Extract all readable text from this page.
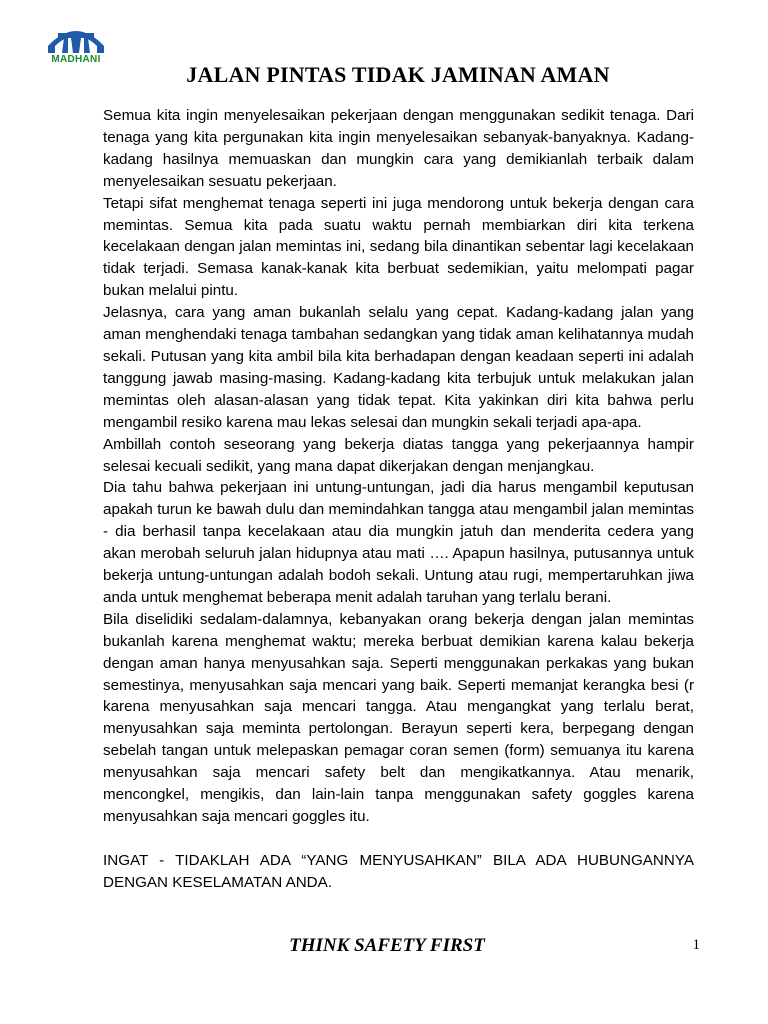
MADHANI
JALAN PINTAS TIDAK JAMINAN AMAN

Semua kita ingin menyelesaikan pekerjaan dengan menggunakan sedikit tenaga. Dari tenaga yang kita pergunakan kita ingin menyelesaikan sebanyak-banyaknya. Kadang-kadang hasilnya memuaskan dan mungkin cara yang demikianlah terbaik dalam menyelesaikan sesuatu pekerjaan.

Tetapi sifat menghemat tenaga seperti ini juga mendorong untuk bekerja dengan cara memintas. Semua kita pada suatu waktu pernah membiarkan diri kita terkena kecelakaan dengan jalan memintas ini, sedang bila dinantikan sebentar lagi kecelakaan tidak terjadi. Semasa kanak-kanak kita berbuat sedemikian, yaitu melompati pagar bukan melalui pintu.

Jelasnya, cara yang aman bukanlah selalu yang cepat. Kadang-kadang jalan yang aman menghendaki tenaga tambahan sedangkan yang tidak aman kelihatannya mudah sekali. Putusan yang kita ambil bila kita berhadapan dengan keadaan seperti ini adalah tanggung jawab masing-masing. Kadang-kadang kita terbujuk untuk melakukan jalan memintas oleh alasan-alasan yang tidak tepat. Kita yakinkan diri kita bahwa perlu mengambil resiko karena mau lekas selesai dan mungkin sekali terjadi apa-apa.

Ambillah contoh seseorang yang bekerja diatas tangga yang pekerjaannya hampir selesai kecuali sedikit, yang mana dapat dikerjakan dengan menjangkau.

Dia tahu bahwa pekerjaan ini untung-untungan, jadi dia harus mengambil keputusan apakah turun ke bawah dulu dan memindahkan tangga atau mengambil jalan memintas - dia berhasil tanpa kecelakaan atau dia mungkin jatuh dan menderita cedera yang akan merobah seluruh jalan hidupnya atau mati …. Apapun hasilnya, putusannya untuk bekerja untung-untungan adalah bodoh sekali. Untung atau rugi, mempertaruhkan jiwa anda untuk menghemat beberapa menit adalah taruhan yang terlalu berani.

Bila diselidiki sedalam-dalamnya, kebanyakan orang bekerja dengan jalan memintas bukanlah karena menghemat waktu; mereka berbuat demikian karena kalau bekerja dengan aman hanya menyusahkan saja. Seperti menggunakan perkakas yang bukan semestinya, menyusahkan saja mencari yang baik. Seperti memanjat kerangka besi (r karena menyusahkan saja mencari tangga. Atau mengangkat yang terlalu berat, menyusahkan saja meminta pertolongan. Berayun seperti kera, berpegang dengan sebelah tangan untuk melepaskan pemagar coran semen (form) semuanya itu karena menyusahkan saja mencari safety belt dan mengikatkannya. Atau menarik, mencongkel, mengikis, dan lain-lain tanpa menggunakan safety goggles karena menyusahkan saja mencari goggles itu.

INGAT - TIDAKLAH ADA “YANG MENYUSAHKAN” BILA ADA HUBUNGANNYA DENGAN KESELAMATAN ANDA.

THINK SAFETY FIRST	1
